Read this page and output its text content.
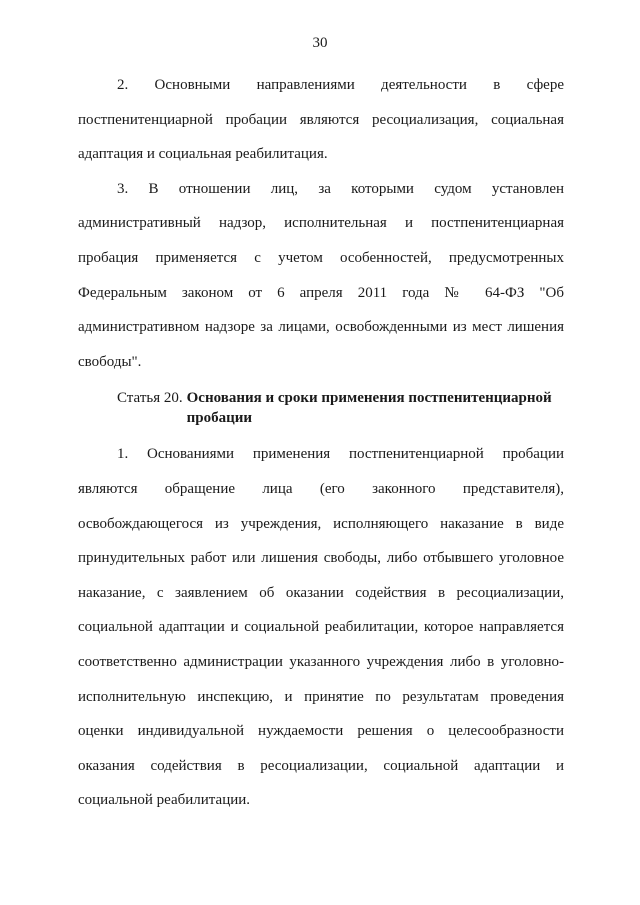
30

2. Основными направлениями деятельности в сфере постпенитенциарной пробации являются ресоциализация, социальная адаптация и социальная реабилитация.

3. В отношении лиц, за которыми судом установлен административный надзор, исполнительная и постпенитенциарная пробация применяется с учетом особенностей, предусмотренных Федеральным законом от 6 апреля 2011 года № 64-ФЗ "Об административном надзоре за лицами, освобожденными из мест лишения свободы".

Статья 20. Основания и сроки применения постпенитенциарной пробации

1. Основаниями применения постпенитенциарной пробации являются обращение лица (его законного представителя), освобождающегося из учреждения, исполняющего наказание в виде принудительных работ или лишения свободы, либо отбывшего уголовное наказание, с заявлением об оказании содействия в ресоциализации, социальной адаптации и социальной реабилитации, которое направляется соответственно администрации указанного учреждения либо в уголовно-исполнительную инспекцию, и принятие по результатам проведения оценки индивидуальной нуждаемости решения о целесообразности оказания содействия в ресоциализации, социальной адаптации и социальной реабилитации.
